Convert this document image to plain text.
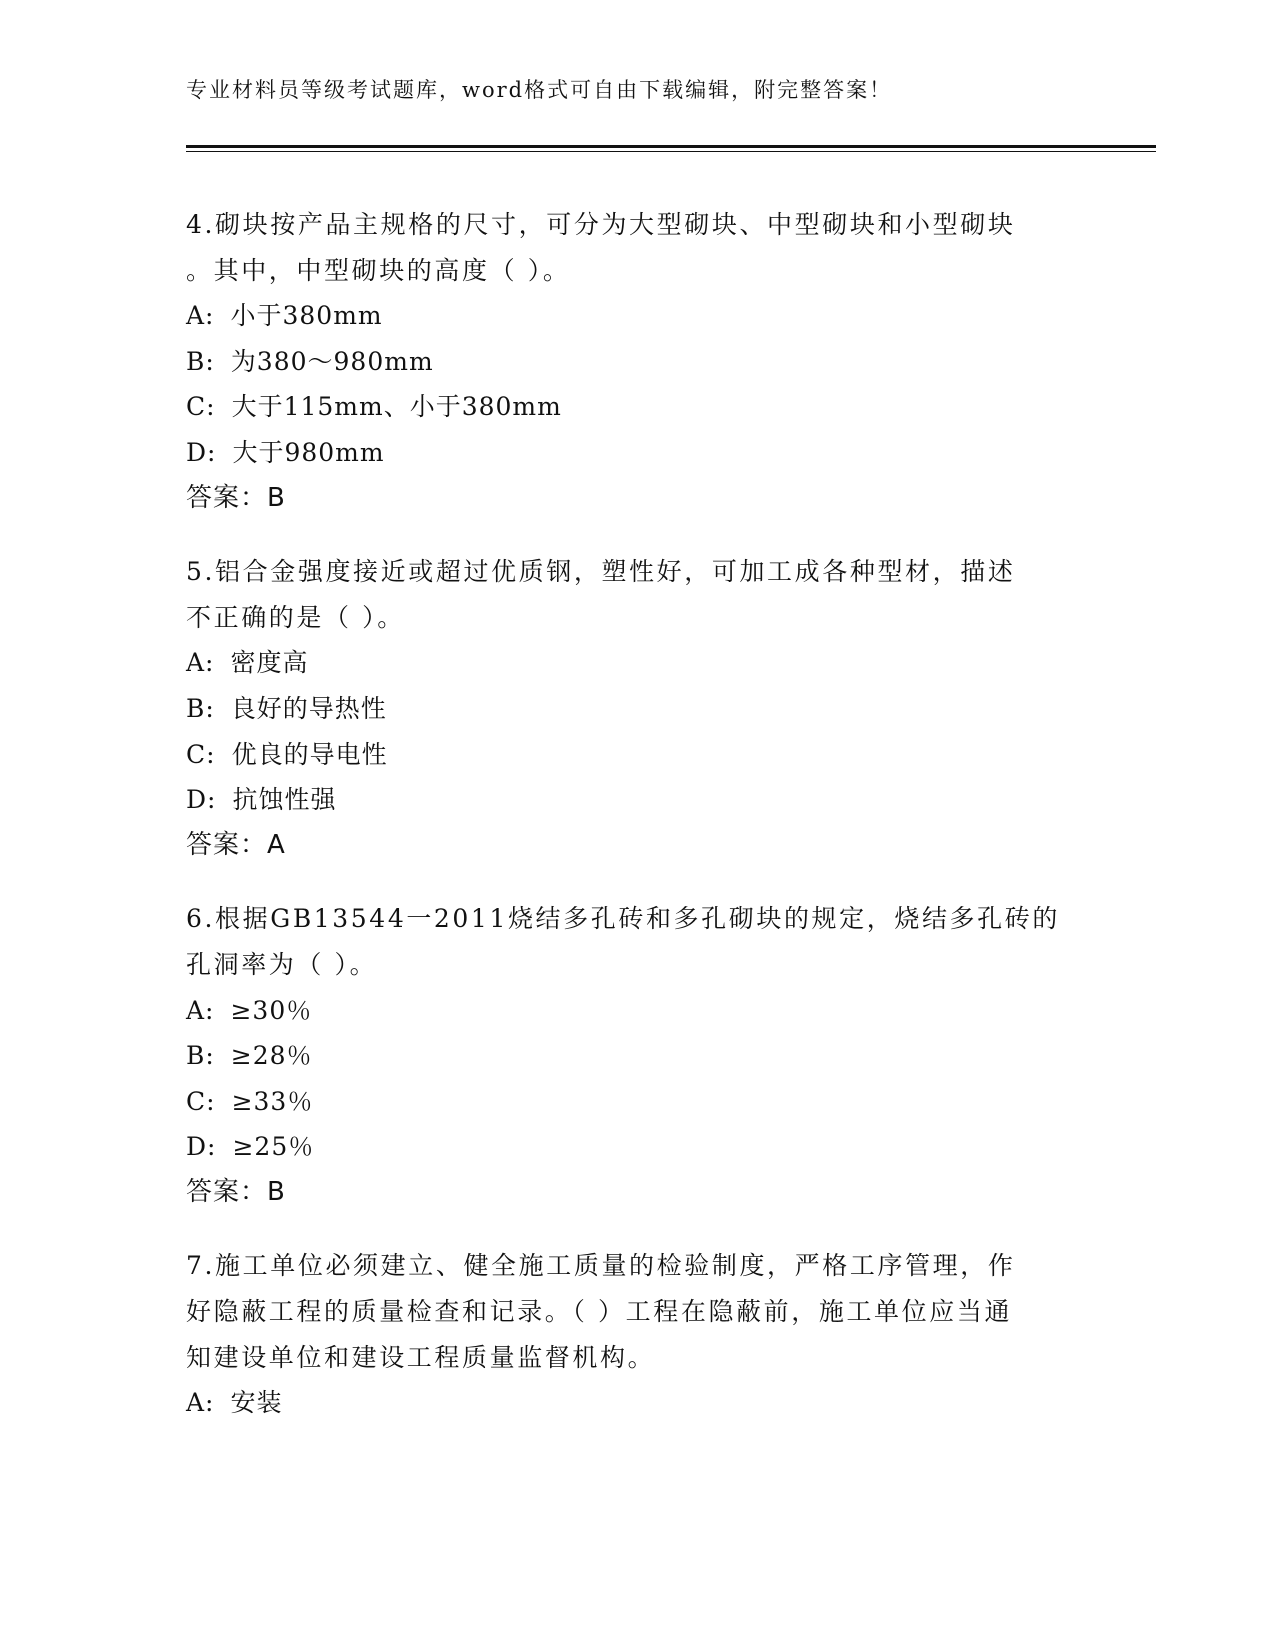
专业材料员等级考试题库，word格式可自由下载编辑，附完整答案！
4.砌块按产品主规格的尺寸，可分为大型砌块、中型砌块和小型砌块
。其中，中型砌块的高度（ ）。
A: 小于380mm
B: 为380～980mm
C: 大于115mm、小于380mm
D: 大于980mm
答案：B
5.铝合金强度接近或超过优质钢，塑性好，可加工成各种型材，描述
不正确的是（ ）。
A: 密度高
B: 良好的导热性
C: 优良的导电性
D: 抗蚀性强
答案：A
6.根据GB13544一2011烧结多孔砖和多孔砌块的规定，烧结多孔砖的
孔洞率为（ ）。
A: ≥30％
B: ≥28％
C: ≥33％
D: ≥25％
答案：B
7.施工单位必须建立、健全施工质量的检验制度，严格工序管理，作
好隐蔽工程的质量检查和记录。（ ）工程在隐蔽前，施工单位应当通
知建设单位和建设工程质量监督机构。
A: 安装
